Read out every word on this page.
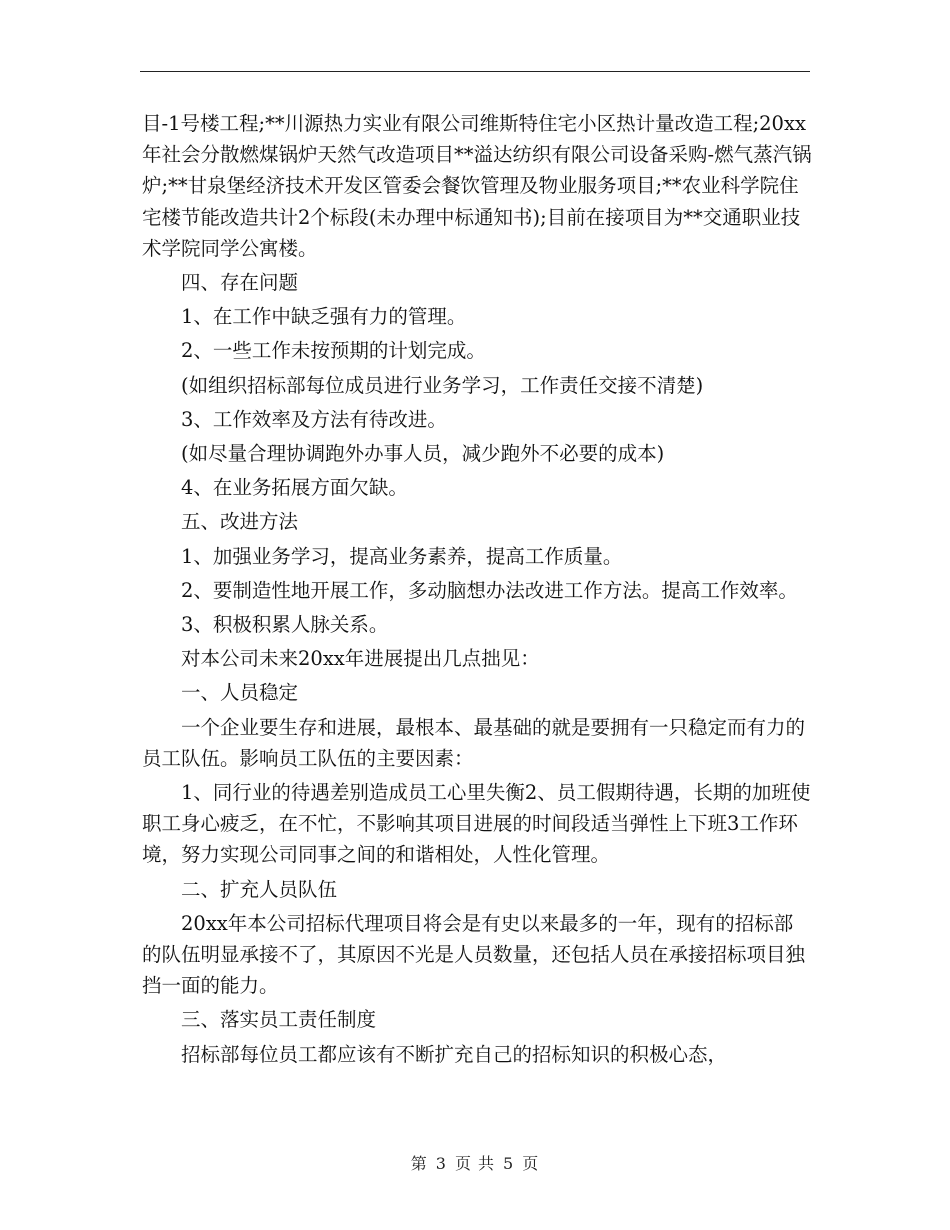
目-1号楼工程;**川源热力实业有限公司维斯特住宅小区热计量改造工程;20xx年社会分散燃煤锅炉天然气改造项目**溢达纺织有限公司设备采购-燃气蒸汽锅炉;**甘泉堡经济技术开发区管委会餐饮管理及物业服务项目;**农业科学院住宅楼节能改造共计2个标段(未办理中标通知书);目前在接项目为**交通职业技术学院同学公寓楼。

四、存在问题

1、在工作中缺乏强有力的管理。

2、一些工作未按预期的计划完成。

(如组织招标部每位成员进行业务学习，工作责任交接不清楚)

3、工作效率及方法有待改进。

(如尽量合理协调跑外办事人员，减少跑外不必要的成本)

4、在业务拓展方面欠缺。

五、改进方法

1、加强业务学习，提高业务素养，提高工作质量。

2、要制造性地开展工作，多动脑想办法改进工作方法。提高工作效率。

3、积极积累人脉关系。

对本公司未来20xx年进展提出几点拙见：

一、人员稳定

一个企业要生存和进展，最根本、最基础的就是要拥有一只稳定而有力的员工队伍。影响员工队伍的主要因素：

1、同行业的待遇差别造成员工心里失衡2、员工假期待遇，长期的加班使职工身心疲乏，在不忙，不影响其项目进展的时间段适当弹性上下班3工作环境，努力实现公司同事之间的和谐相处，人性化管理。

二、扩充人员队伍

20xx年本公司招标代理项目将会是有史以来最多的一年，现有的招标部的队伍明显承接不了，其原因不光是人员数量，还包括人员在承接招标项目独挡一面的能力。

三、落实员工责任制度

招标部每位员工都应该有不断扩充自己的招标知识的积极心态，

第 3 页 共 5 页
